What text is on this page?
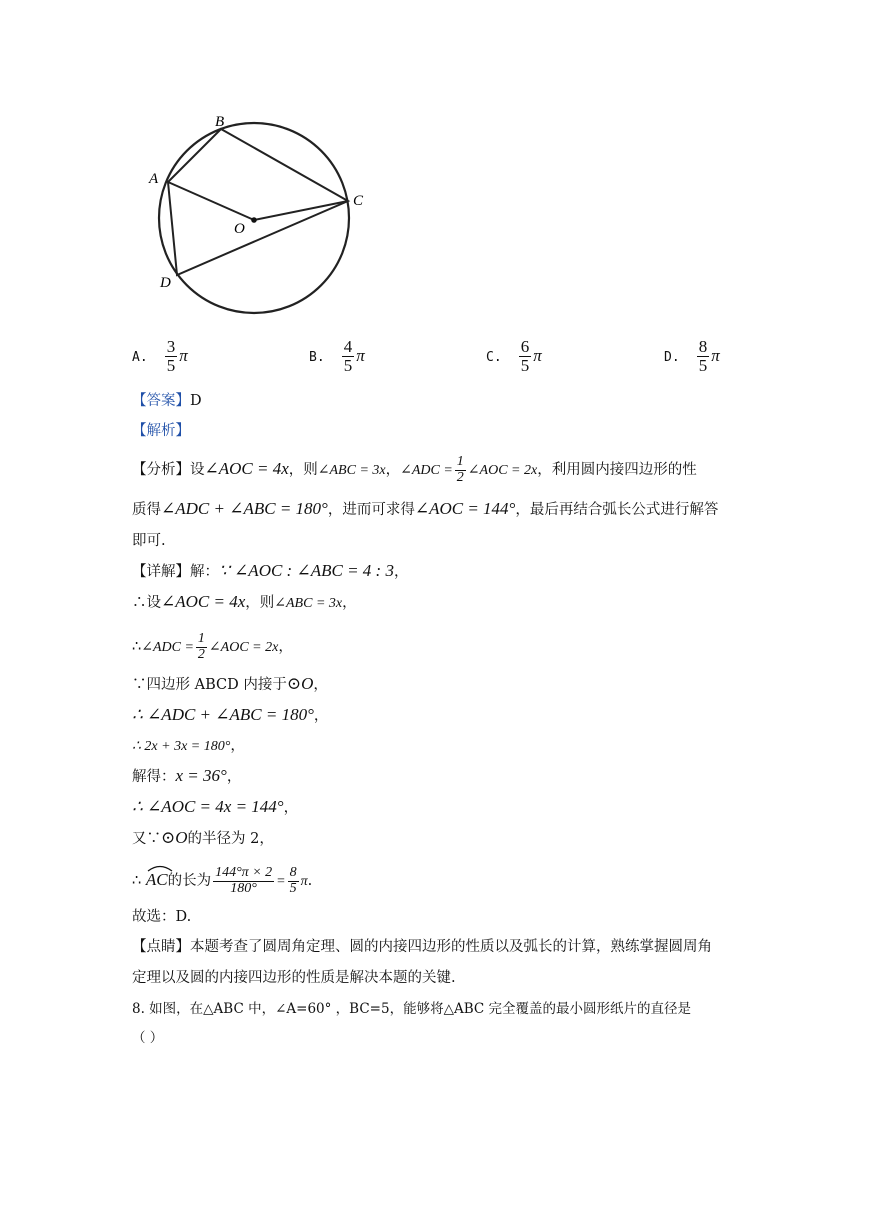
B
A
C
O
D
A. $\frac{3}{5}$ π	B. $\frac{4}{5}$ π	C. $\frac{6}{5}$ π	D. $\frac{8}{5}$ π
【答案】D
【解析】
【分析】设∠AOC = 4x，则∠ABC = 3x，∠ADC = $\frac{1}{2}$ ∠AOC = 2x，利用圆内接四边形的性
质得∠ADC + ∠ABC = 180°，进而可求得∠AOC = 144°，最后再结合弧长公式进行解答
即可.
【详解】解：∵ ∠AOC : ∠ABC = 4 : 3，
∴设∠AOC = 4x，则∠ABC = 3x，
∴∠ADC = $\frac{1}{2}$ ∠AOC = 2x，
∵四边形 ABCD 内接于⊙O，
∴ ∠ADC + ∠ABC = 180°，
∴ 2x + 3x = 180°，
解得：x = 36°，
∴ ∠AOC = 4x = 144°，
又∵⊙O的半径为 2，
∴ AC的长为 $\frac{144^\circ\pi \times 2}{180^\circ} = \frac{8}{5} \pi$.
故选：D.
【点睛】本题考查了圆周角定理、圆的内接四边形的性质以及弧长的计算，熟练掌握圆周角
定理以及圆的内接四边形的性质是解决本题的关键.
8. 如图，在△ABC 中，∠A=60° ，BC=5，能够将△ABC 完全覆盖的最小圆形纸片的直径是
（ ）
